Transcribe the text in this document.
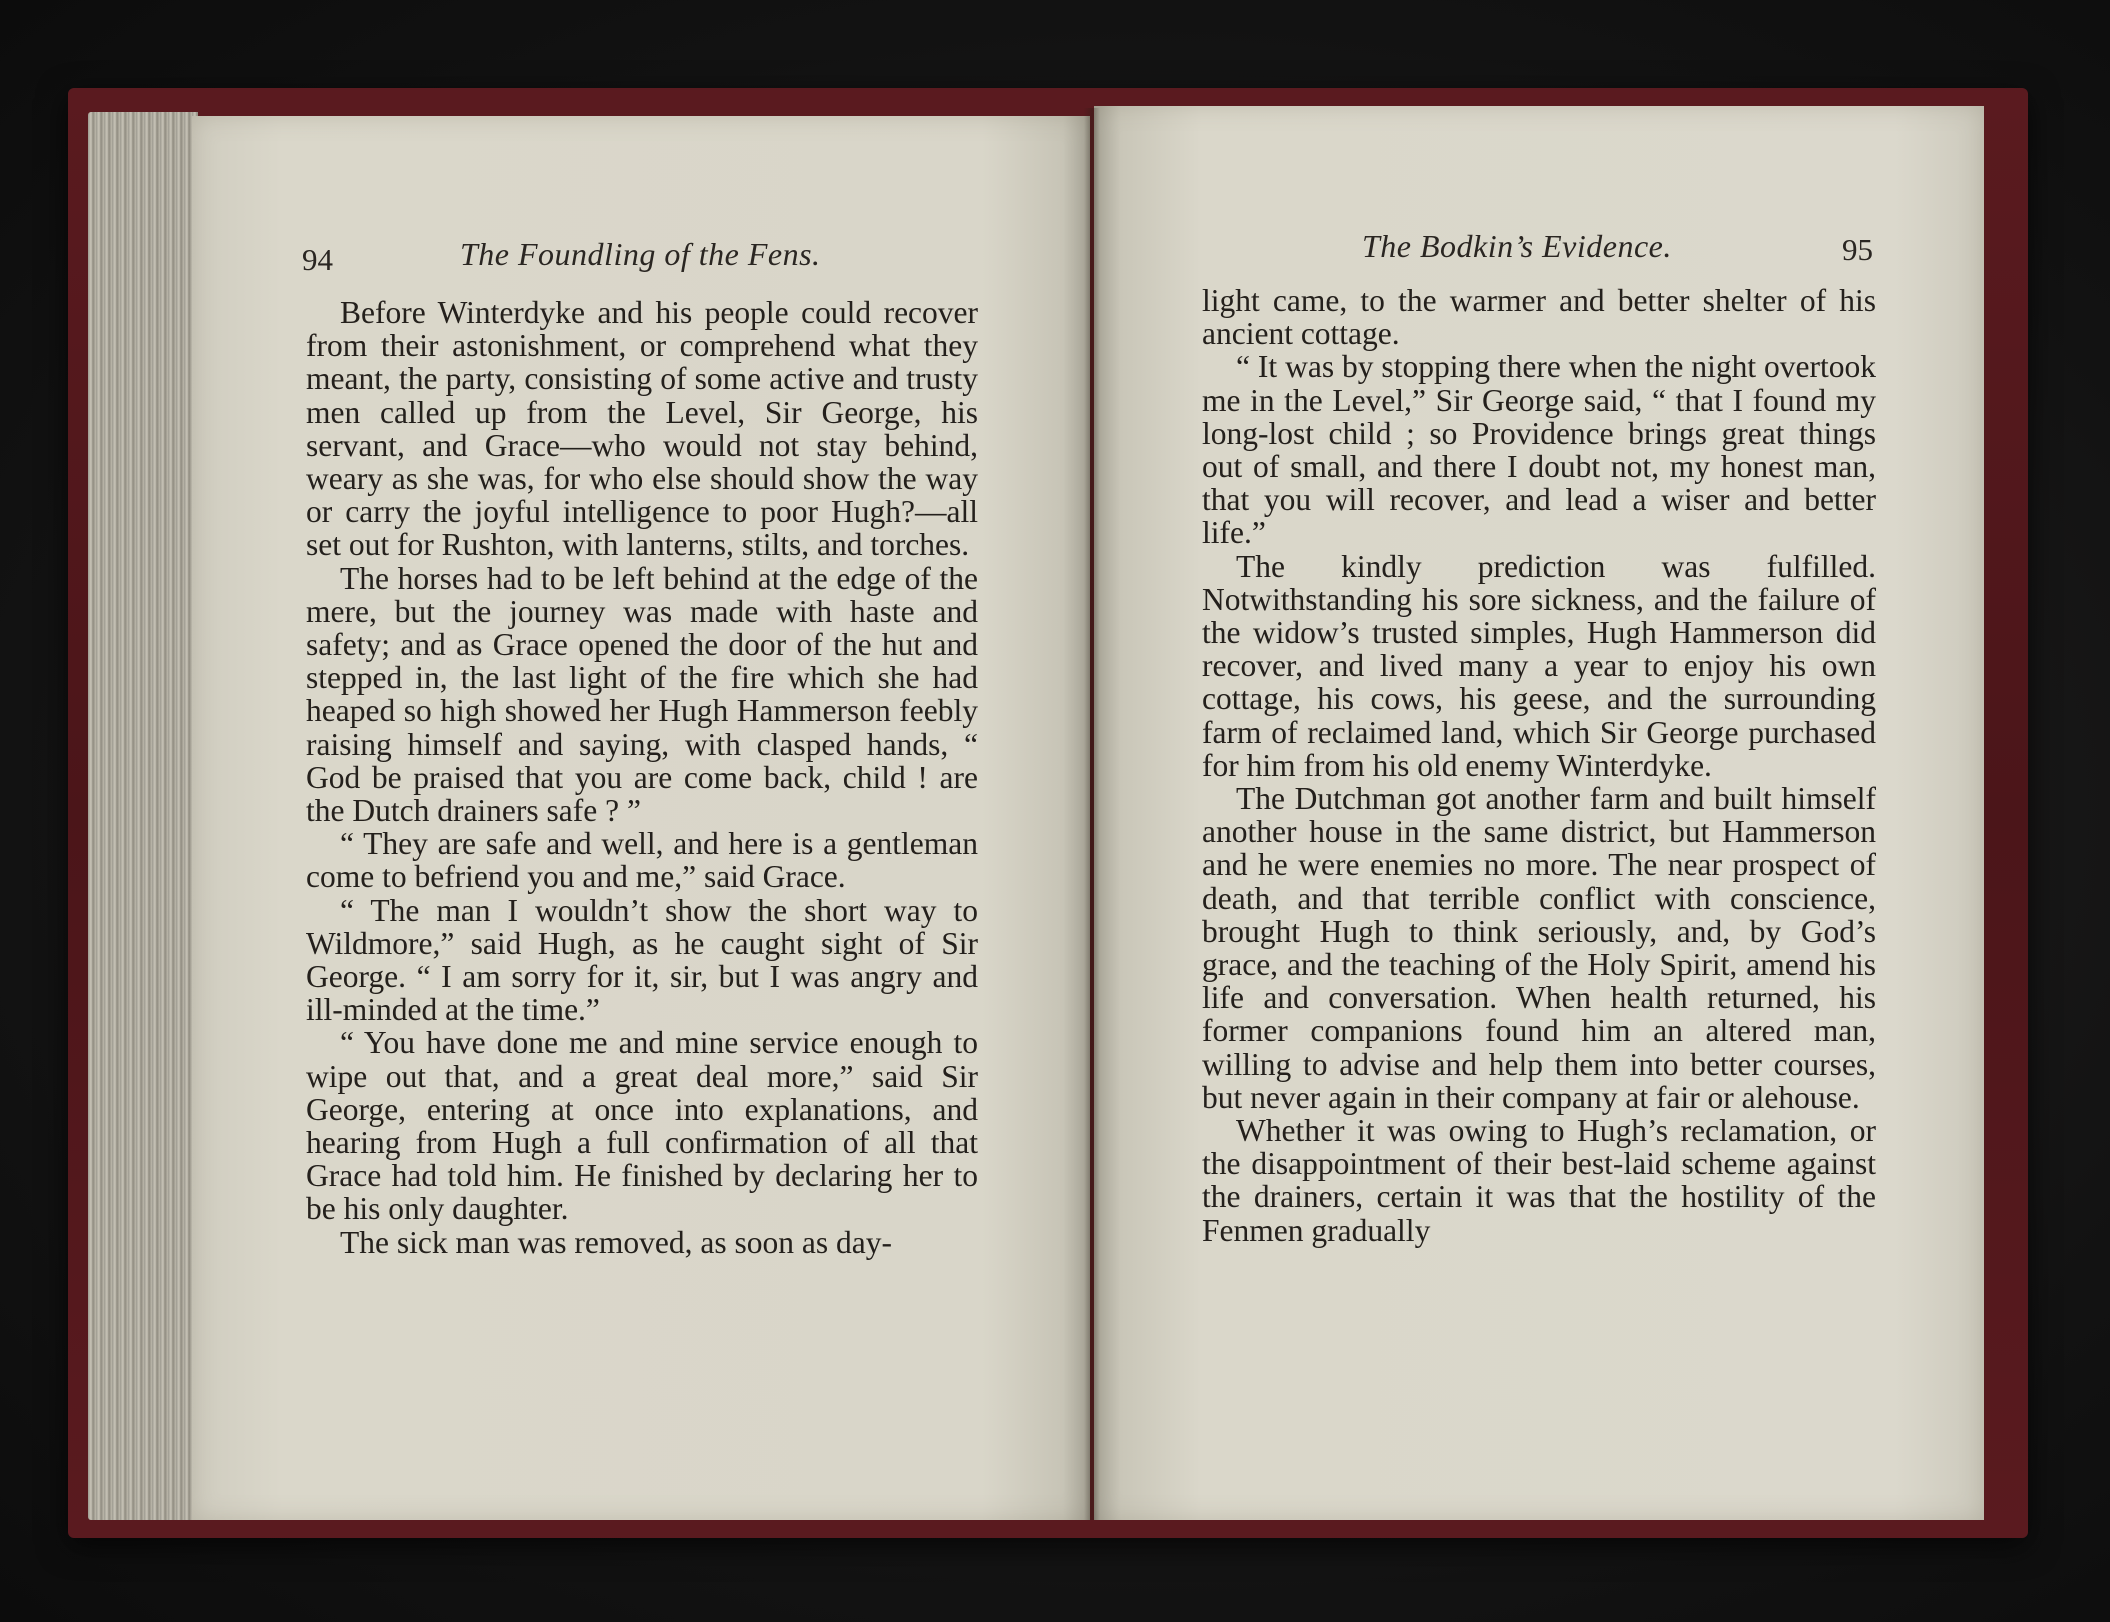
94	The Foundling of the Fens.

Before Winterdyke and his people could recover from their astonishment, or comprehend what they meant, the party, consisting of some active and trusty men called up from the Level, Sir George, his servant, and Grace—who would not stay behind, weary as she was, for who else should show the way or carry the joyful intelligence to poor Hugh?—all set out for Rushton, with lanterns, stilts, and torches.

The horses had to be left behind at the edge of the mere, but the journey was made with haste and safety; and as Grace opened the door of the hut and stepped in, the last light of the fire which she had heaped so high showed her Hugh Hammerson feebly raising himself and saying, with clasped hands, “ God be praised that you are come back, child ! are the Dutch drainers safe ? ”

“ They are safe and well, and here is a gentleman come to befriend you and me,” said Grace.

“ The man I wouldn’t show the short way to Wildmore,” said Hugh, as he caught sight of Sir George. “ I am sorry for it, sir, but I was angry and ill-minded at the time.”

“ You have done me and mine service enough to wipe out that, and a great deal more,” said Sir George, entering at once into explanations, and hearing from Hugh a full confirmation of all that Grace had told him. He finished by declaring her to be his only daughter.

The sick man was removed, as soon as day-

The Bodkin’s Evidence.	95

light came, to the warmer and better shelter of his ancient cottage.

“ It was by stopping there when the night overtook me in the Level,” Sir George said, “ that I found my long-lost child ; so Providence brings great things out of small, and there I doubt not, my honest man, that you will recover, and lead a wiser and better life.”

The kindly prediction was fulfilled. Notwithstanding his sore sickness, and the failure of the widow’s trusted simples, Hugh Hammerson did recover, and lived many a year to enjoy his own cottage, his cows, his geese, and the surrounding farm of reclaimed land, which Sir George purchased for him from his old enemy Winterdyke.

The Dutchman got another farm and built himself another house in the same district, but Hammerson and he were enemies no more. The near prospect of death, and that terrible conflict with conscience, brought Hugh to think seriously, and, by God’s grace, and the teaching of the Holy Spirit, amend his life and conversation. When health returned, his former companions found him an altered man, willing to advise and help them into better courses, but never again in their company at fair or alehouse.

Whether it was owing to Hugh’s reclamation, or the disappointment of their best-laid scheme against the drainers, certain it was that the hostility of the Fenmen gradually
